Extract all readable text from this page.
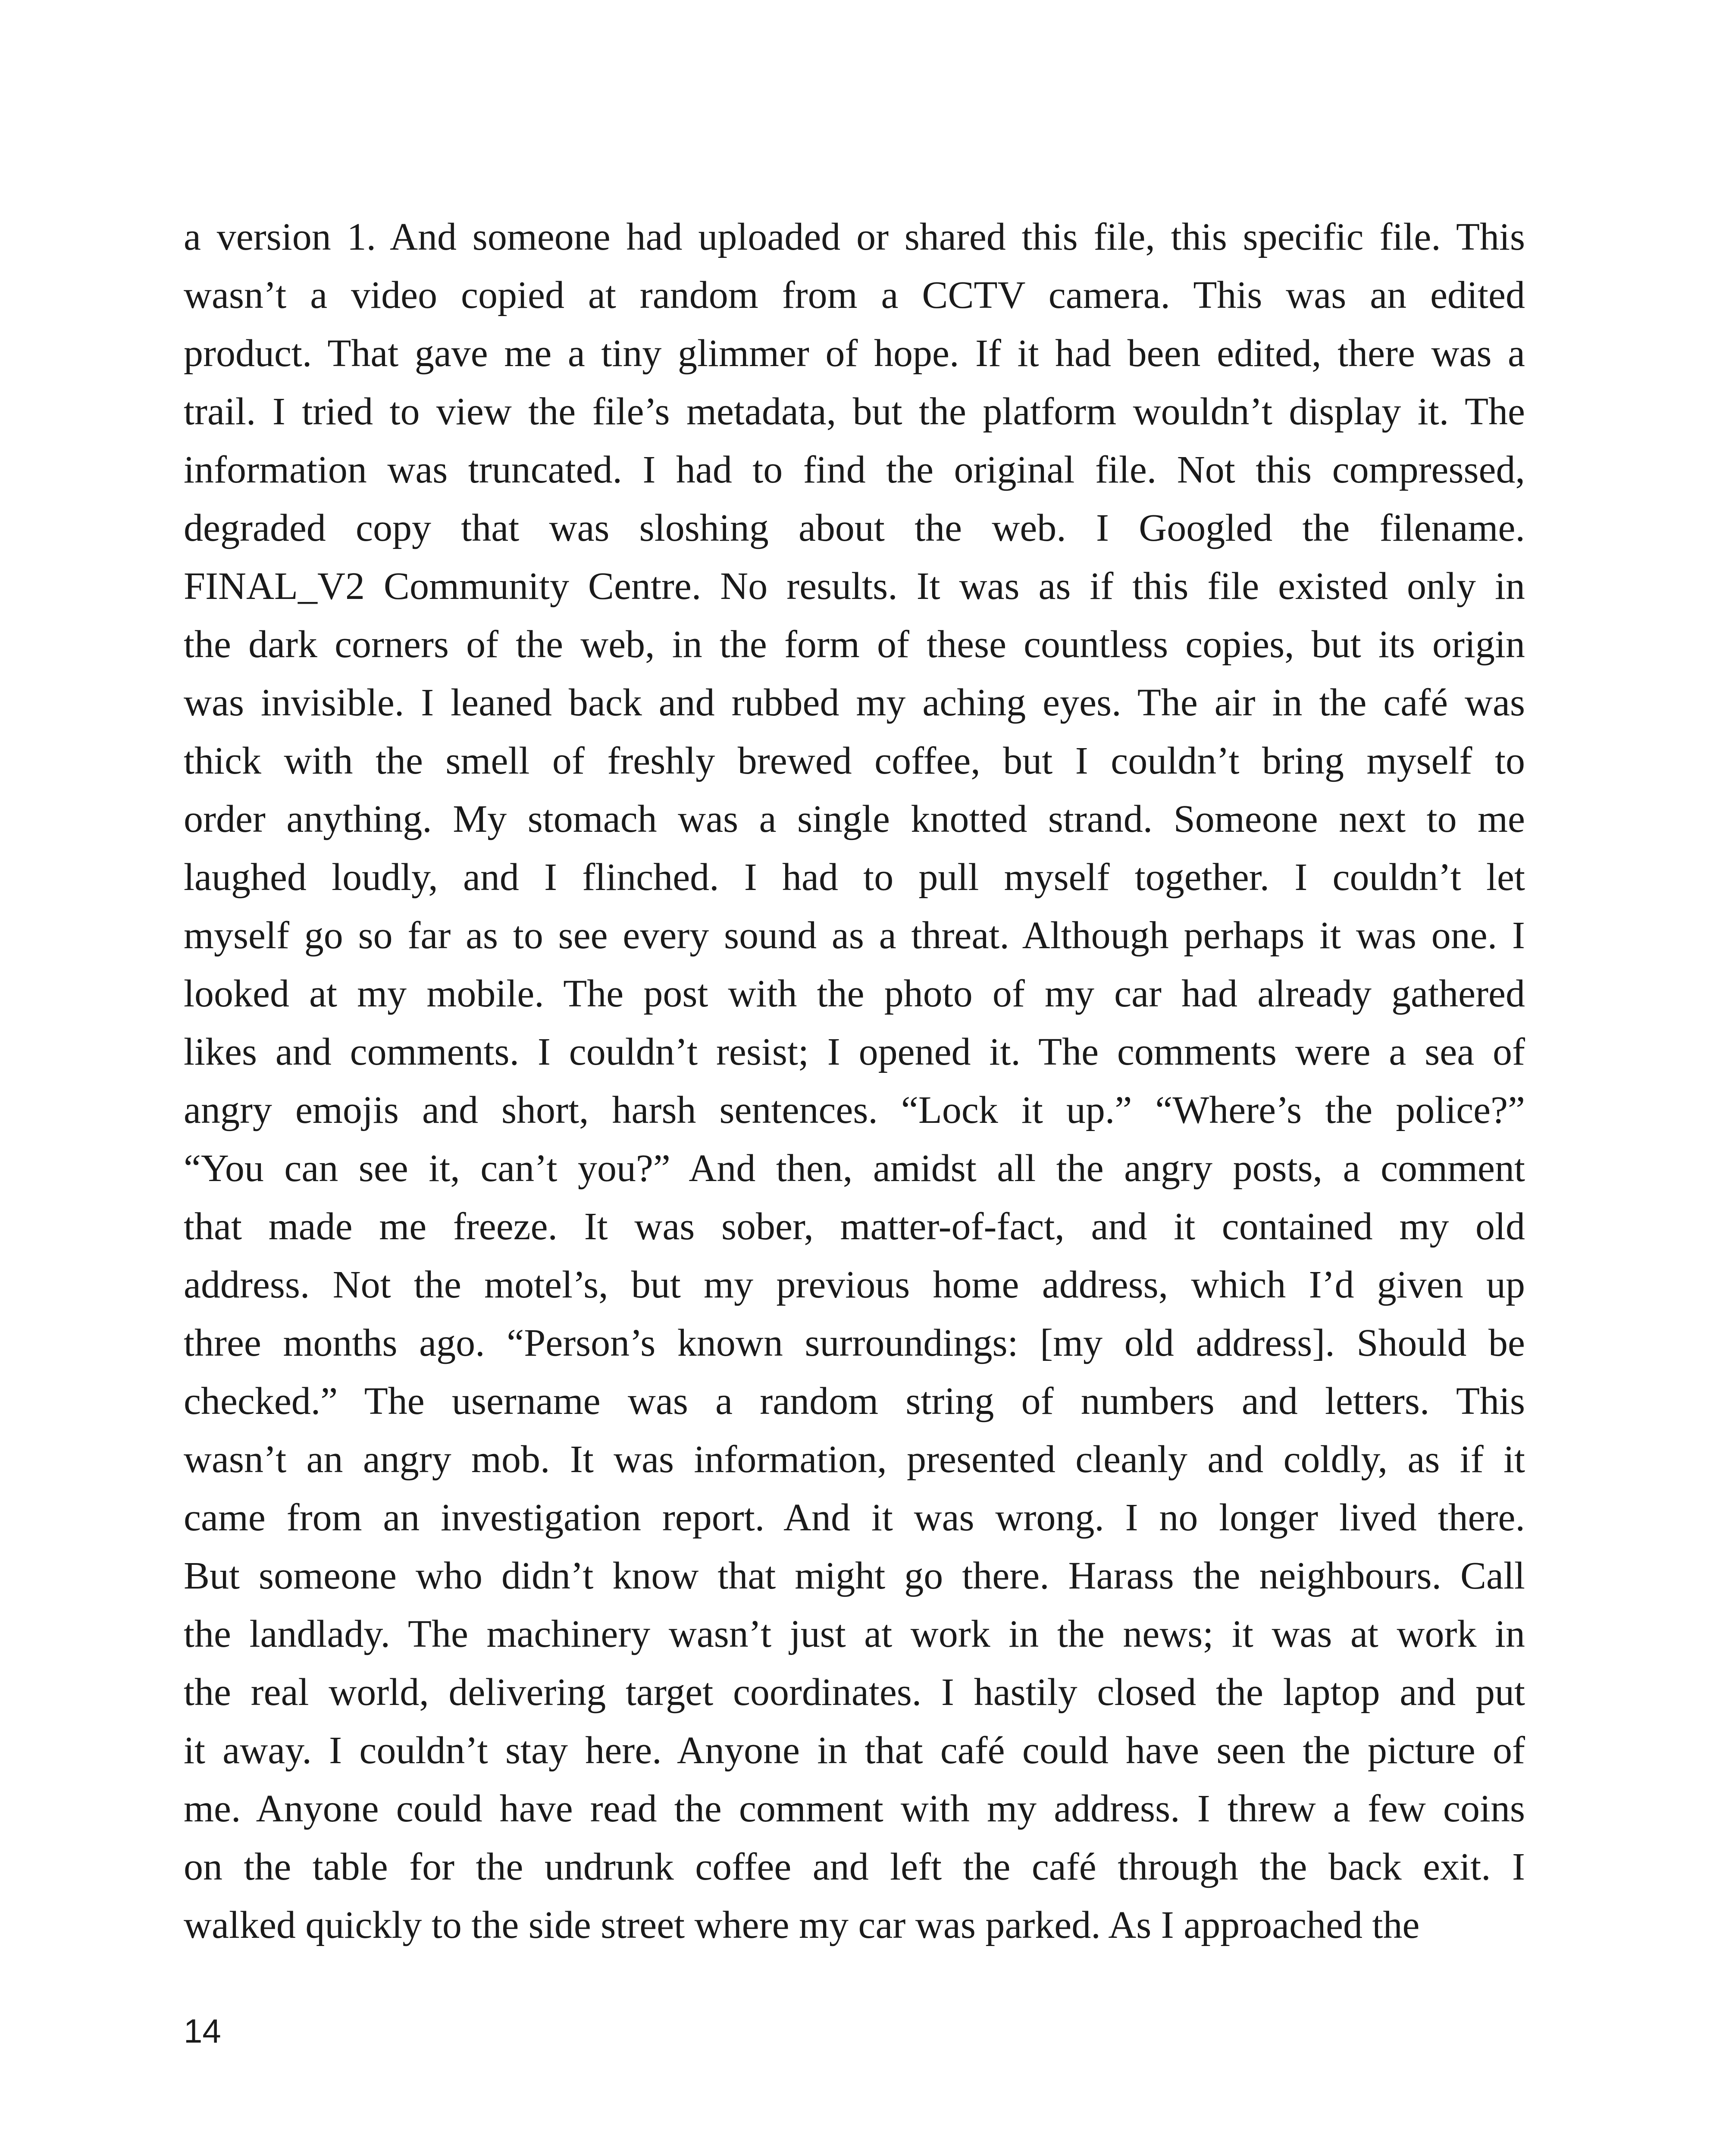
a version 1. And someone had uploaded or shared this file, this specific file. This
wasn’t a video copied at random from a CCTV camera. This was an edited
product. That gave me a tiny glimmer of hope. If it had been edited, there was a
trail. I tried to view the file’s metadata, but the platform wouldn’t display it. The
information was truncated. I had to find the original file. Not this compressed,
degraded copy that was sloshing about the web. I Googled the filename.
FINAL_V2 Community Centre. No results. It was as if this file existed only in
the dark corners of the web, in the form of these countless copies, but its origin
was invisible. I leaned back and rubbed my aching eyes. The air in the café was
thick with the smell of freshly brewed coffee, but I couldn’t bring myself to
order anything. My stomach was a single knotted strand. Someone next to me
laughed loudly, and I flinched. I had to pull myself together. I couldn’t let
myself go so far as to see every sound as a threat. Although perhaps it was one. I
looked at my mobile. The post with the photo of my car had already gathered
likes and comments. I couldn’t resist; I opened it. The comments were a sea of
angry emojis and short, harsh sentences. “Lock it up.” “Where’s the police?”
“You can see it, can’t you?” And then, amidst all the angry posts, a comment
that made me freeze. It was sober, matter-of-fact, and it contained my old
address. Not the motel’s, but my previous home address, which I’d given up
three months ago. “Person’s known surroundings: [my old address]. Should be
checked.” The username was a random string of numbers and letters. This
wasn’t an angry mob. It was information, presented cleanly and coldly, as if it
came from an investigation report. And it was wrong. I no longer lived there.
But someone who didn’t know that might go there. Harass the neighbours. Call
the landlady. The machinery wasn’t just at work in the news; it was at work in
the real world, delivering target coordinates. I hastily closed the laptop and put
it away. I couldn’t stay here. Anyone in that café could have seen the picture of
me. Anyone could have read the comment with my address. I threw a few coins
on the table for the undrunk coffee and left the café through the back exit. I
walked quickly to the side street where my car was parked. As I approached the

14
